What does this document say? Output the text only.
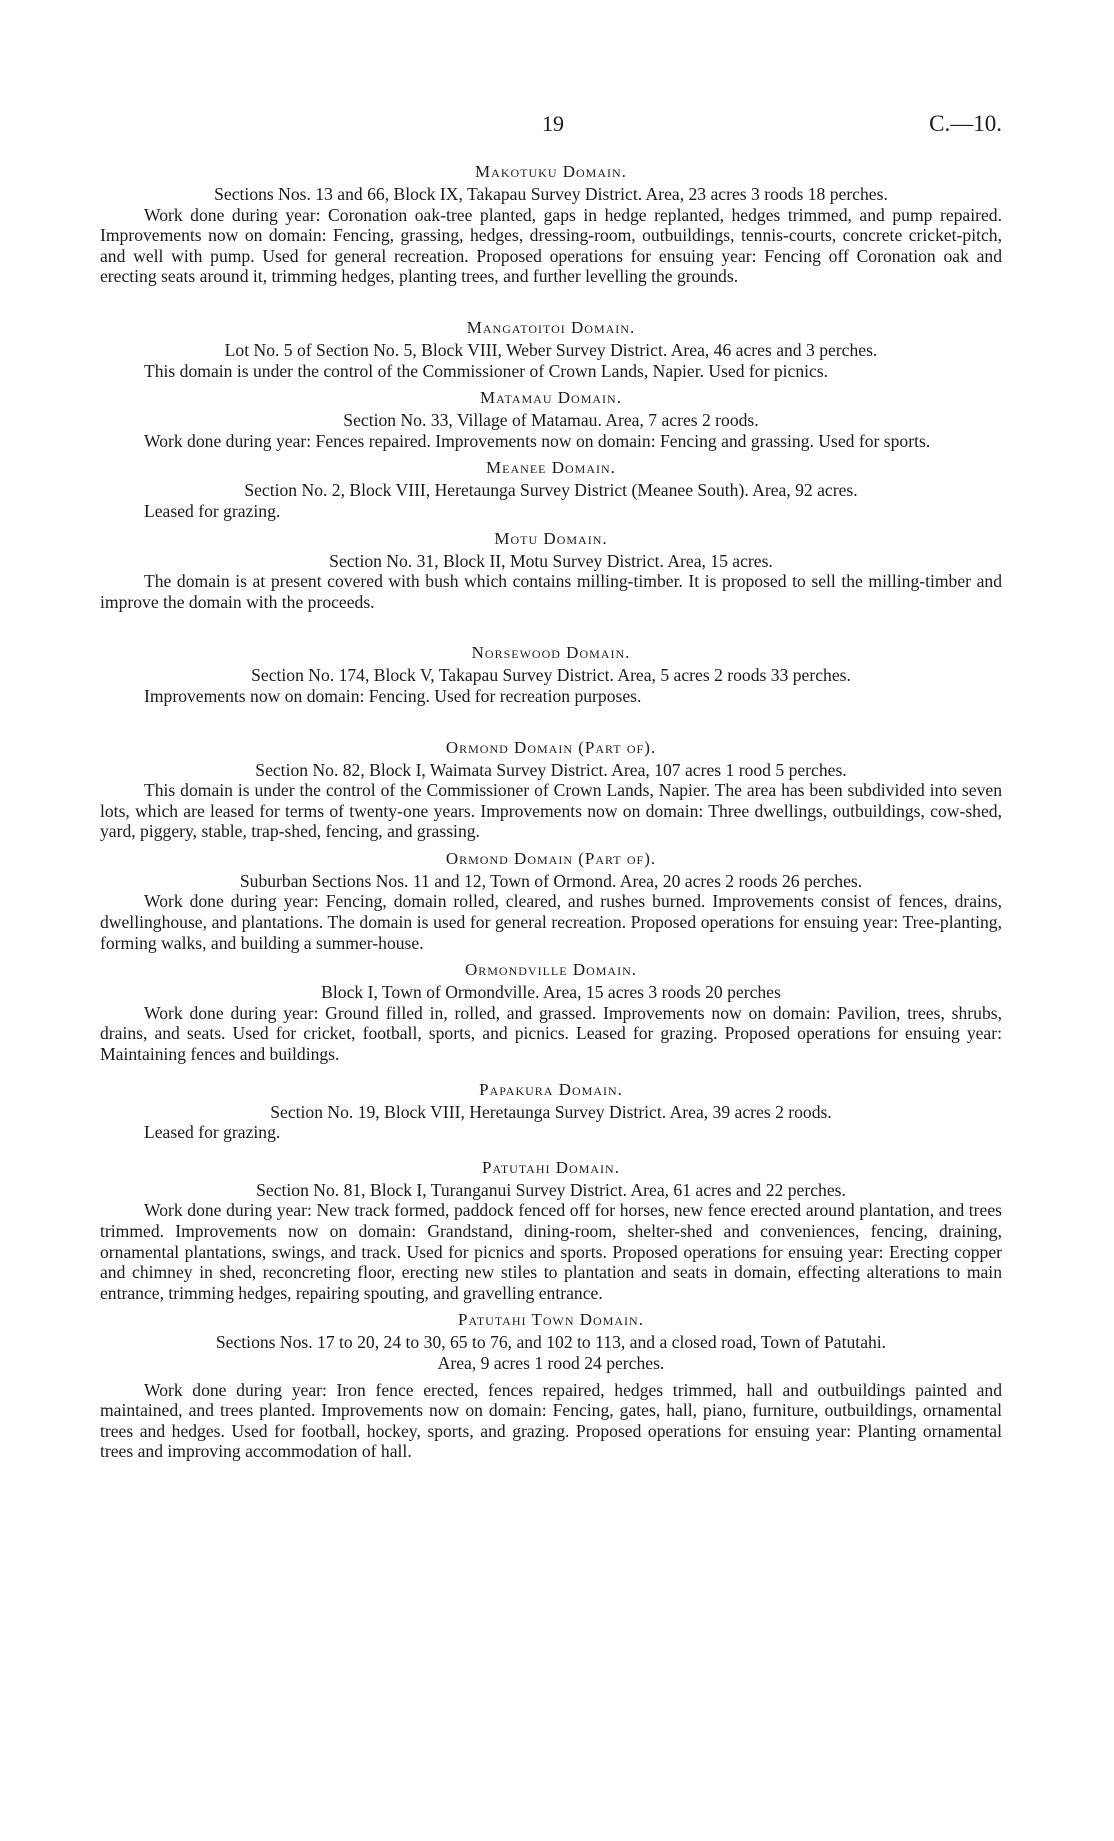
19	C.—10.
Makotuku Domain.

Sections Nos. 13 and 66, Block IX, Takapau Survey District. Area, 23 acres 3 roods 18 perches.

Work done during year: Coronation oak-tree planted, gaps in hedge replanted, hedges trimmed, and pump repaired. Improvements now on domain: Fencing, grassing, hedges, dressing-room, outbuildings, tennis-courts, concrete cricket-pitch, and well with pump. Used for general recreation. Proposed operations for ensuing year: Fencing off Coronation oak and erecting seats around it, trimming hedges, planting trees, and further levelling the grounds.

Mangatoitoi Domain.

Lot No. 5 of Section No. 5, Block VIII, Weber Survey District. Area, 46 acres and 3 perches.

This domain is under the control of the Commissioner of Crown Lands, Napier. Used for picnics.

Matamau Domain.

Section No. 33, Village of Matamau. Area, 7 acres 2 roods.

Work done during year: Fences repaired. Improvements now on domain: Fencing and grassing. Used for sports.

Meanee Domain.

Section No. 2, Block VIII, Heretaunga Survey District (Meanee South). Area, 92 acres.

Leased for grazing.

Motu Domain.

Section No. 31, Block II, Motu Survey District. Area, 15 acres.

The domain is at present covered with bush which contains milling-timber. It is proposed to sell the milling-timber and improve the domain with the proceeds.

Norsewood Domain.

Section No. 174, Block V, Takapau Survey District. Area, 5 acres 2 roods 33 perches.

Improvements now on domain: Fencing. Used for recreation purposes.

Ormond Domain (Part of).

Section No. 82, Block I, Waimata Survey District. Area, 107 acres 1 rood 5 perches.

This domain is under the control of the Commissioner of Crown Lands, Napier. The area has been subdivided into seven lots, which are leased for terms of twenty-one years. Improvements now on domain: Three dwellings, outbuildings, cow-shed, yard, piggery, stable, trap-shed, fencing, and grassing.

Ormond Domain (Part of).

Suburban Sections Nos. 11 and 12, Town of Ormond. Area, 20 acres 2 roods 26 perches.

Work done during year: Fencing, domain rolled, cleared, and rushes burned. Improvements consist of fences, drains, dwellinghouse, and plantations. The domain is used for general recreation. Proposed operations for ensuing year: Tree-planting, forming walks, and building a summer-house.

Ormondville Domain.

Block I, Town of Ormondville. Area, 15 acres 3 roods 20 perches

Work done during year: Ground filled in, rolled, and grassed. Improvements now on domain: Pavilion, trees, shrubs, drains, and seats. Used for cricket, football, sports, and picnics. Leased for grazing. Proposed operations for ensuing year: Maintaining fences and buildings.

Papakura Domain.

Section No. 19, Block VIII, Heretaunga Survey District. Area, 39 acres 2 roods.

Leased for grazing.

Patutahi Domain.

Section No. 81, Block I, Turanganui Survey District. Area, 61 acres and 22 perches.

Work done during year: New track formed, paddock fenced off for horses, new fence erected around plantation, and trees trimmed. Improvements now on domain: Grandstand, dining-room, shelter-shed and conveniences, fencing, draining, ornamental plantations, swings, and track. Used for picnics and sports. Proposed operations for ensuing year: Erecting copper and chimney in shed, reconcreting floor, erecting new stiles to plantation and seats in domain, effecting alterations to main entrance, trimming hedges, repairing spouting, and gravelling entrance.

Patutahi Town Domain.

Sections Nos. 17 to 20, 24 to 30, 65 to 76, and 102 to 113, and a closed road, Town of Patutahi.

Area, 9 acres 1 rood 24 perches.

Work done during year: Iron fence erected, fences repaired, hedges trimmed, hall and outbuildings painted and maintained, and trees planted. Improvements now on domain: Fencing, gates, hall, piano, furniture, outbuildings, ornamental trees and hedges. Used for football, hockey, sports, and grazing. Proposed operations for ensuing year: Planting ornamental trees and improving accommodation of hall.
